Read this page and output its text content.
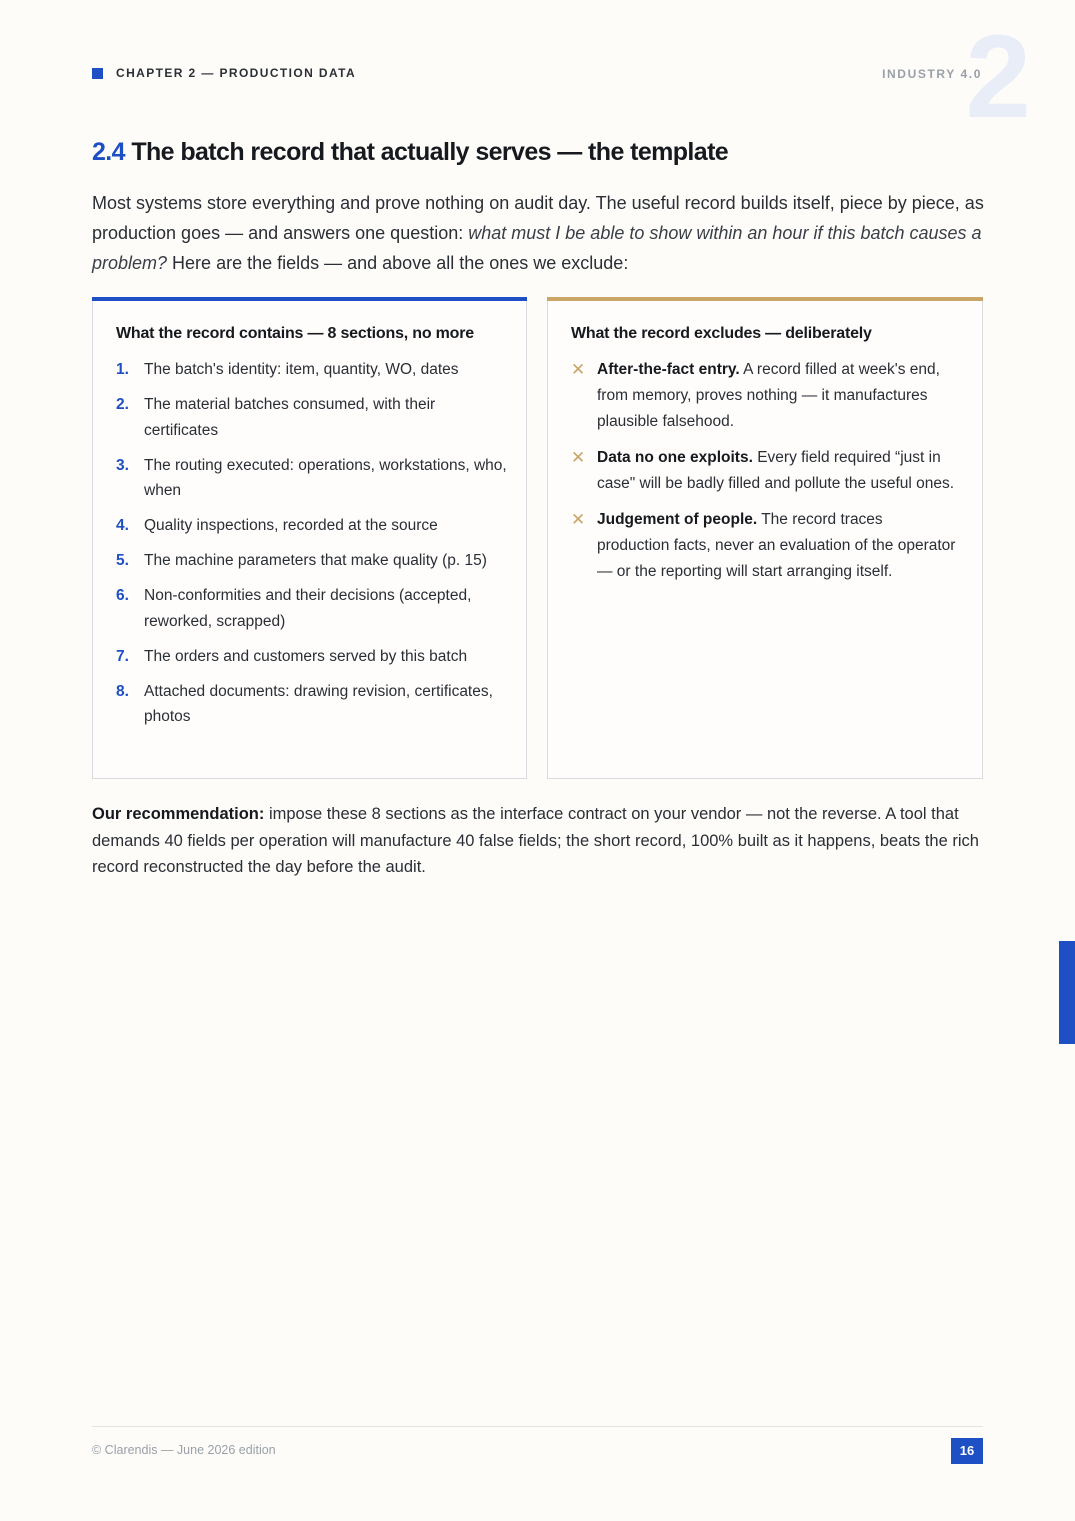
CHAPTER 2 — PRODUCTION DATA	2
INDUSTRY 4.0
2.4 The batch record that actually serves — the template
Most systems store everything and prove nothing on audit day. The useful record builds itself, piece by piece, as production goes — and answers one question: what must I be able to show within an hour if this batch causes a problem? Here are the fields — and above all the ones we exclude:
What the record contains — 8 sections, no more
1. The batch's identity: item, quantity, WO, dates
2. The material batches consumed, with their certificates
3. The routing executed: operations, workstations, who, when
4. Quality inspections, recorded at the source
5. The machine parameters that make quality (p. 15)
6. Non-conformities and their decisions (accepted, reworked, scrapped)
7. The orders and customers served by this batch
8. Attached documents: drawing revision, certificates, photos
What the record excludes — deliberately
✕ After-the-fact entry. A record filled at week's end, from memory, proves nothing — it manufactures plausible falsehood.
✕ Data no one exploits. Every field required “just in case" will be badly filled and pollute the useful ones.
✕ Judgement of people. The record traces production facts, never an evaluation of the operator — or the reporting will start arranging itself.
Our recommendation: impose these 8 sections as the interface contract on your vendor — not the reverse. A tool that demands 40 fields per operation will manufacture 40 false fields; the short record, 100% built as it happens, beats the rich record reconstructed the day before the audit.
© Clarendis — June 2026 edition	16
